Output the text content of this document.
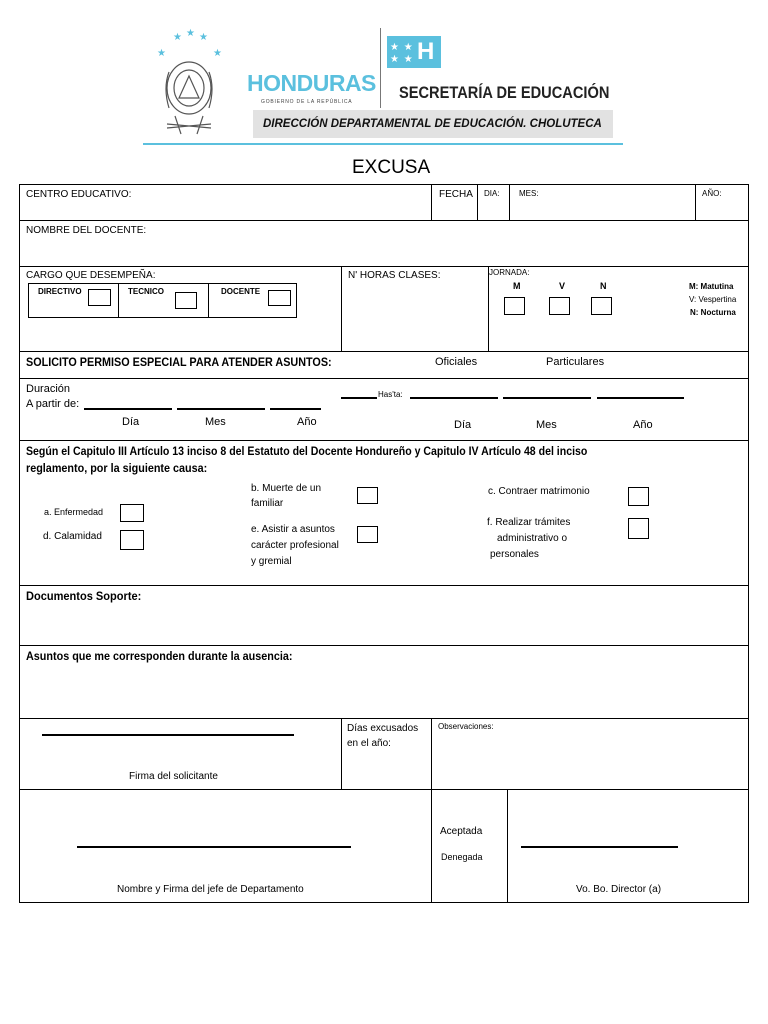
★ ★
★	★
★
HONDURAS
GOBIERNO DE LA REPÚBLICA
★ ★
★ ★ H
SECRETARÍA DE EDUCACIÓN
DIRECCIÓN DEPARTAMENTAL DE EDUCACIÓN. CHOLUTECA
EXCUSA
CENTRO EDUCATIVO:	FECHA DIA: MES:	AÑO:
NOMBRE DEL DOCENTE:
CARGO QUE DESEMPEÑA:
DIRECTIVO	TECNICO	DOCENTE
N' HORAS CLASES:	JORNADA:
M	V	N	M: Matutina
V: Vespertina
N: Nocturna
SOLICITO PERMISO ESPECIAL PARA ATENDER ASUNTOS:	Oficiales	Particulares
Duración
A partir de:
Has'ta:
Día	Mes	Año	Día	Mes	Año
Según el Capitulo III Artículo 13 inciso 8 del Estatuto del Docente Hondureño y Capitulo IV Artículo 48 del inciso
reglamento, por la siguiente causa:
a. Enfermedad
d. Calamidad
b. Muerte de un
familiar
e. Asistir a asuntos
carácter profesional
y gremial
c. Contraer matrimonio
f. Realizar trámites
administrativo o
personales
Documentos Soporte:
Asuntos que me corresponden durante la ausencia:
Firma del solicitante
Días excusados
en el año:
Observaciones:
Nombre y Firma del jefe de Departamento
Aceptada
Denegada
Vo. Bo. Director (a)
